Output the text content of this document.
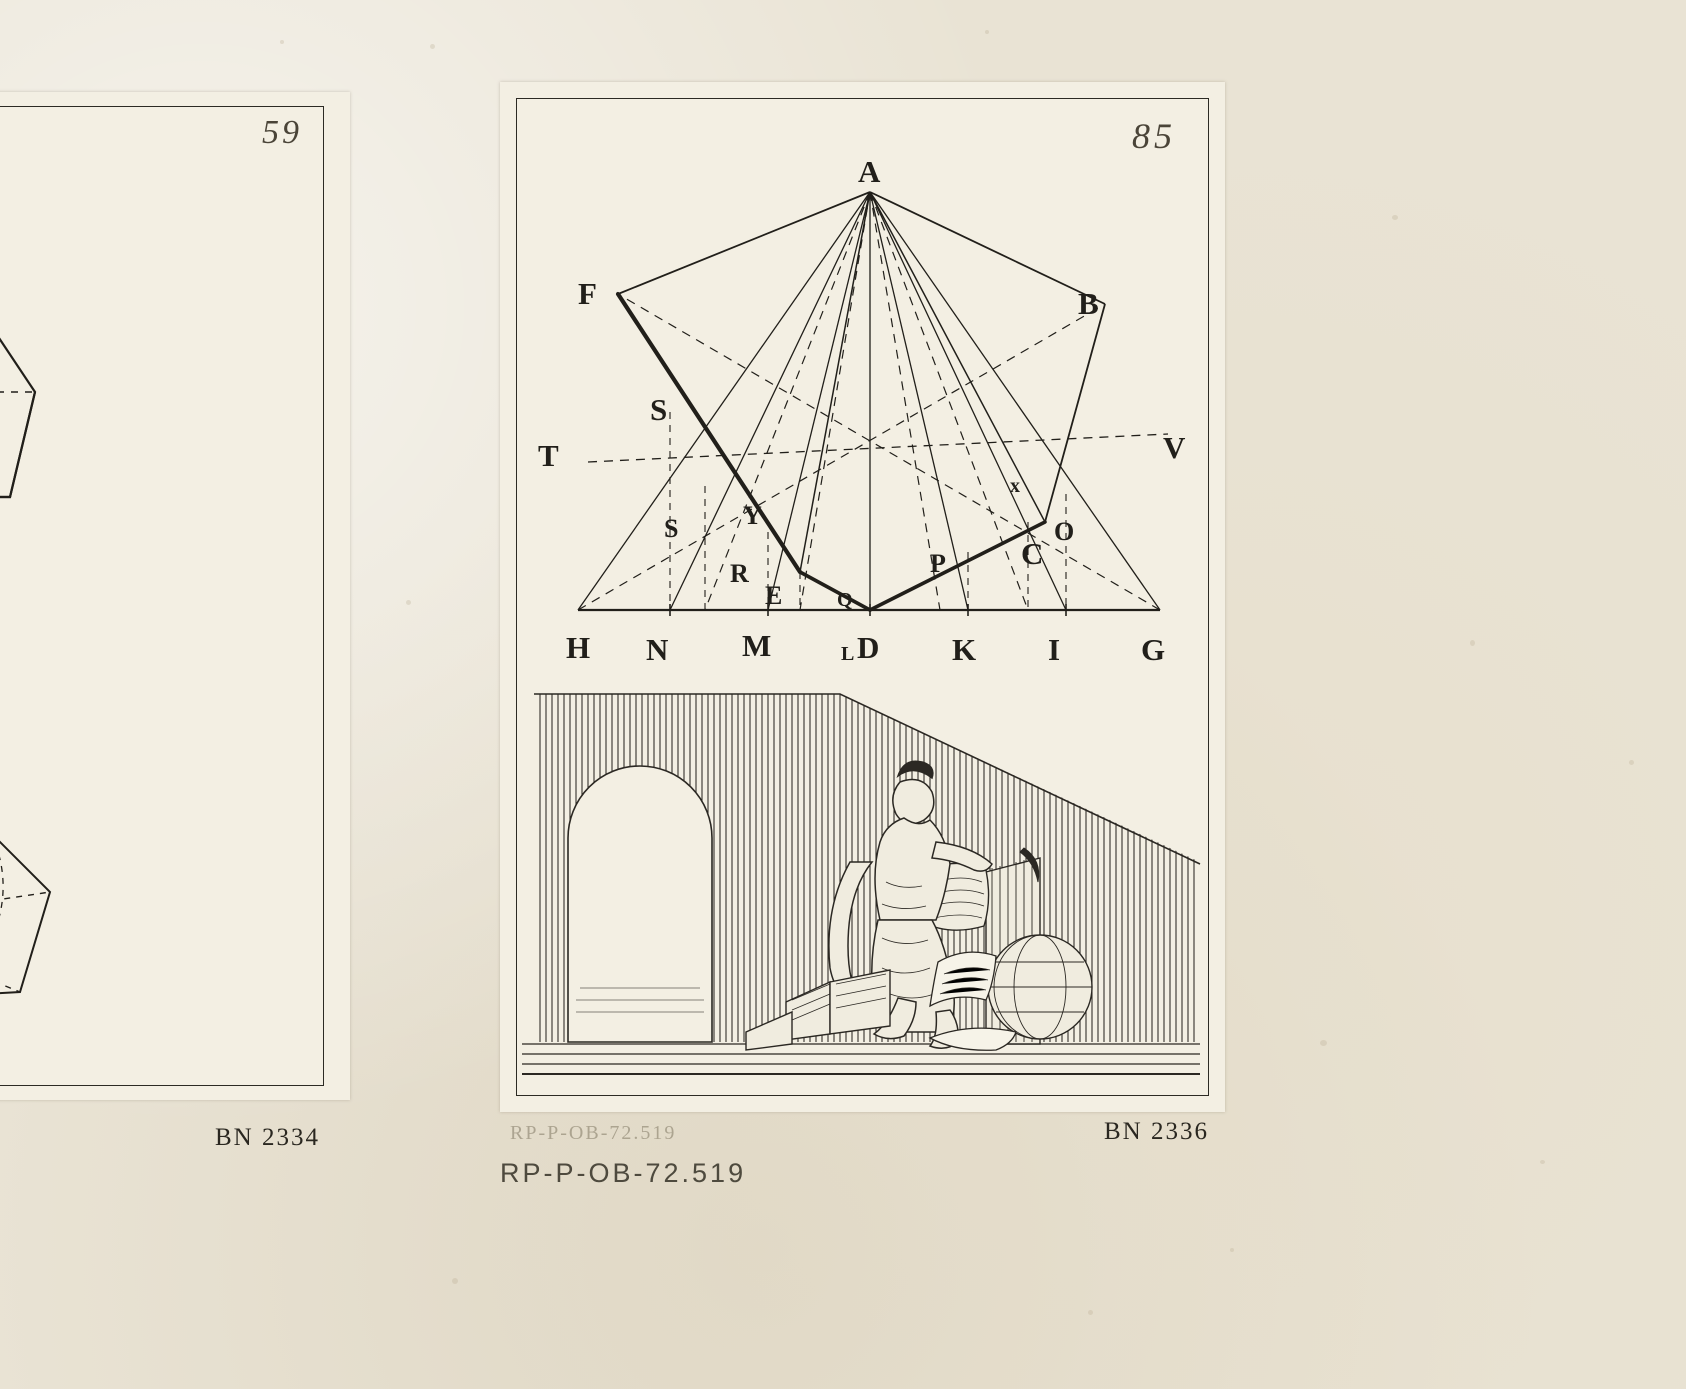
59	85
A
F	B
S
T	V
x
S Y
O
C
P
R
E	Q
H N M	L D K I	G
BN 2334	BN 2336
RP-P-OB-72.519
RP-P-OB-72.519
